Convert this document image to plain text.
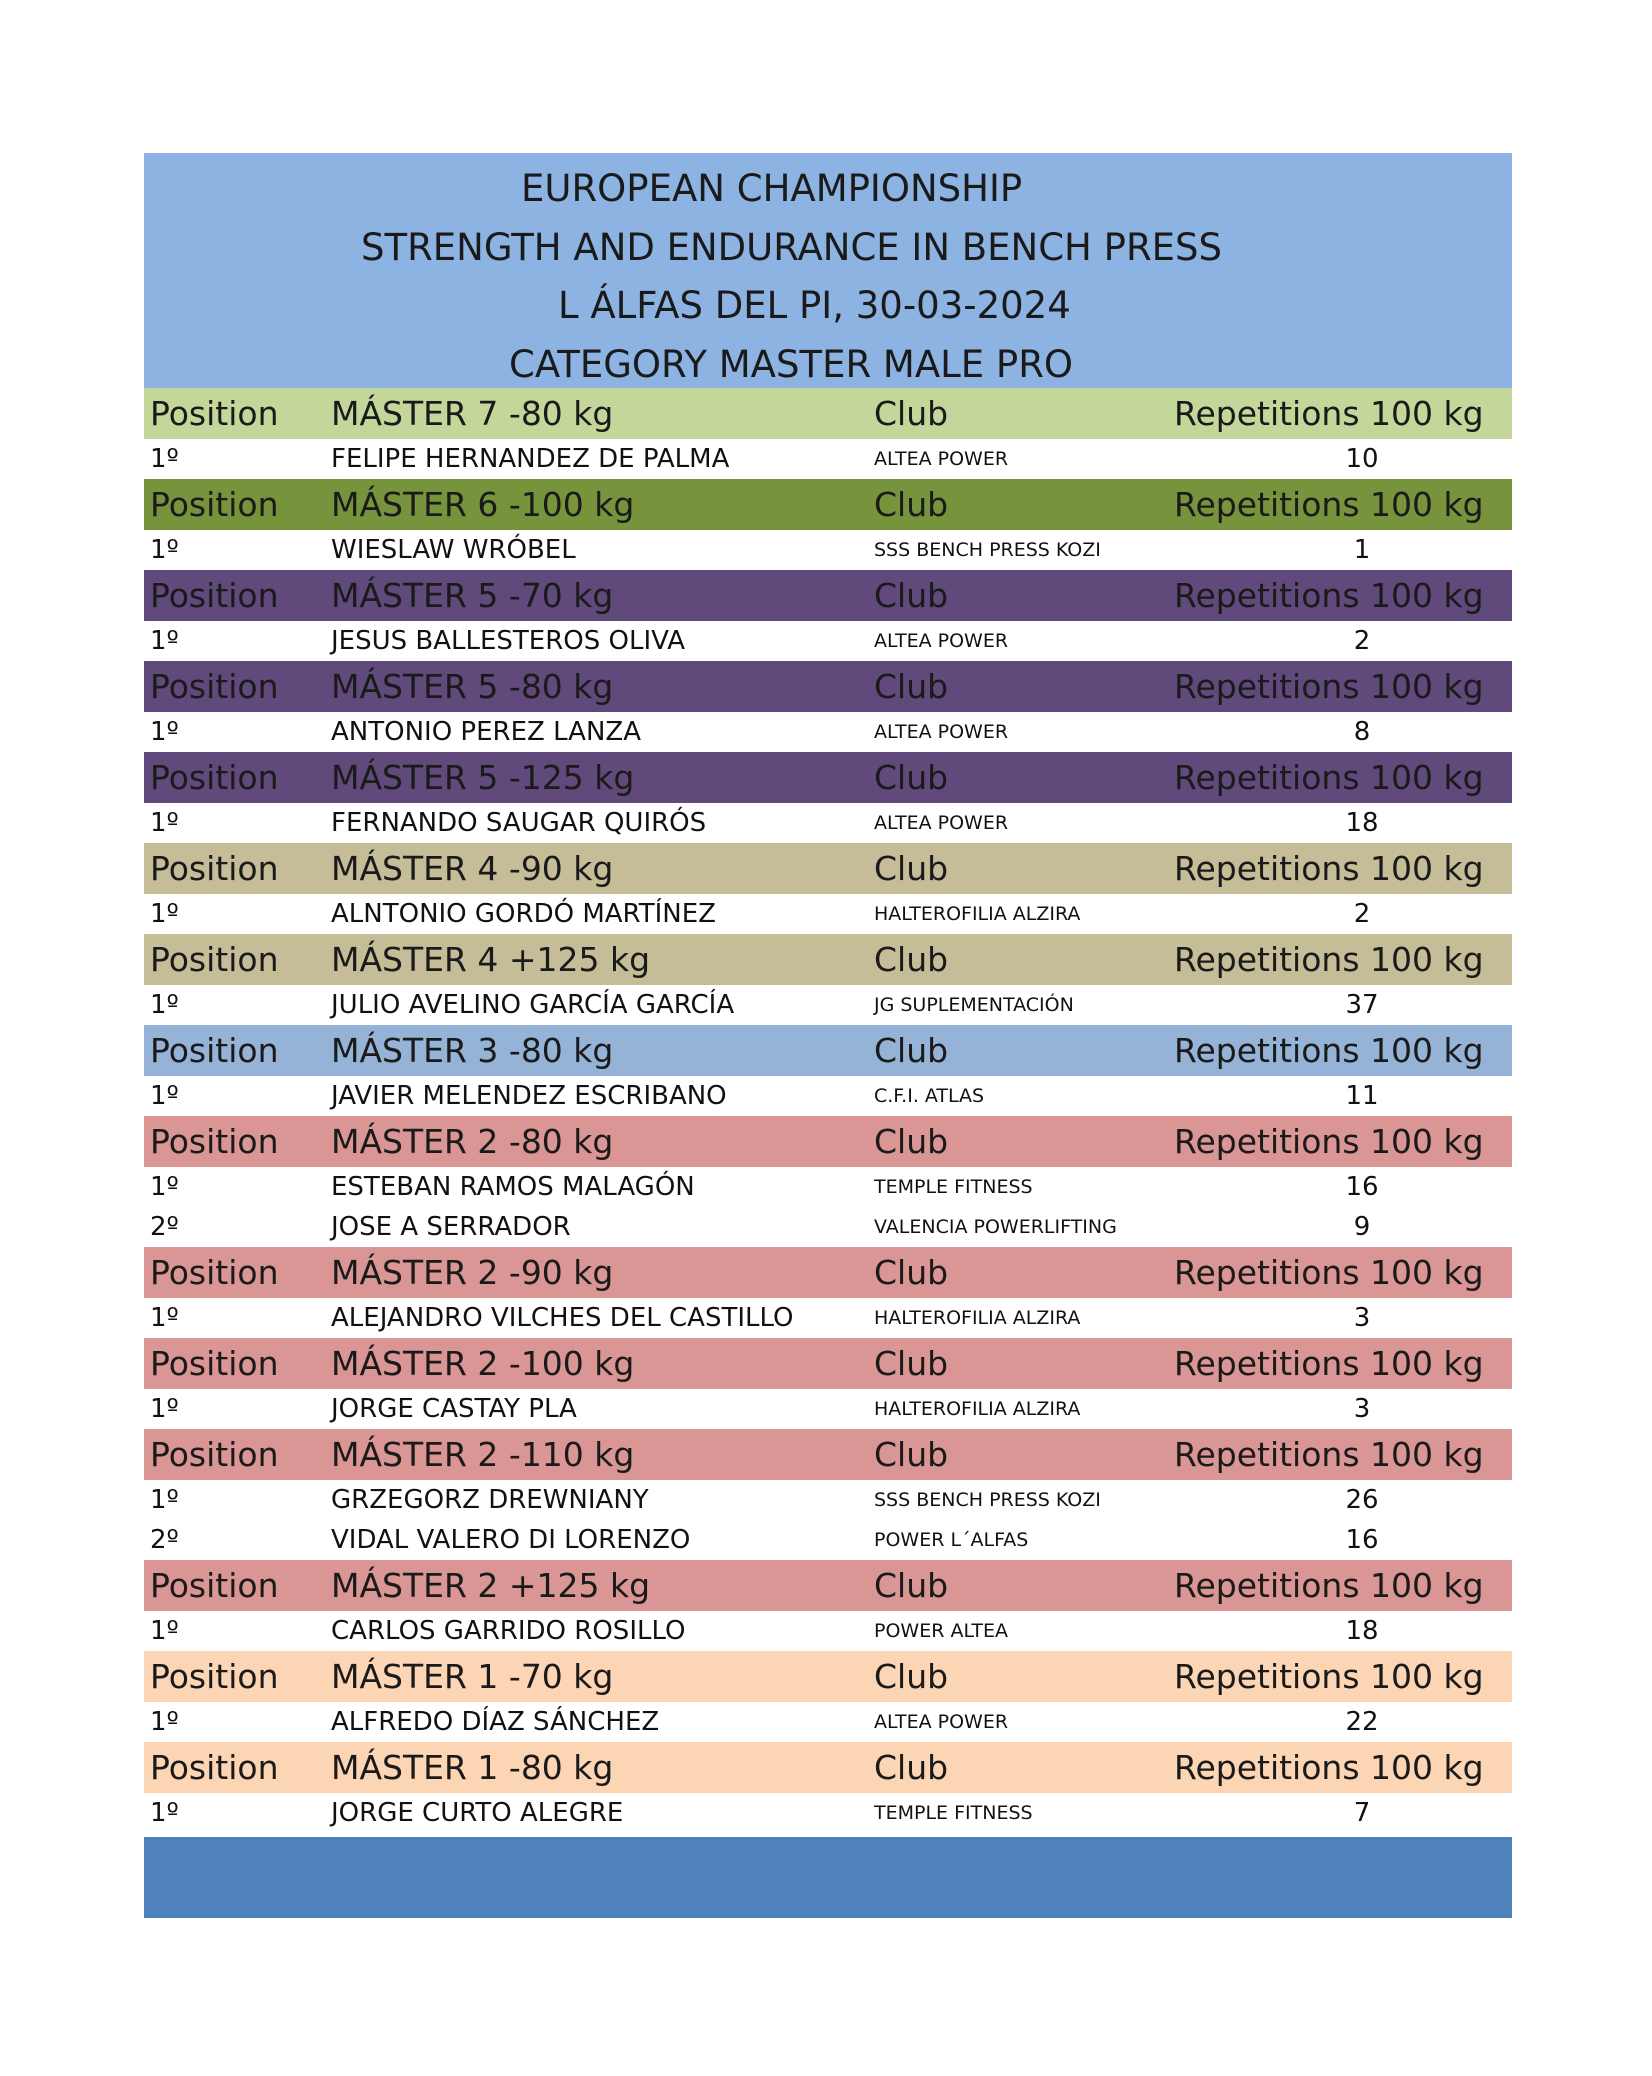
EUROPEAN CHAMPIONSHIP
STRENGTH AND ENDURANCE IN BENCH PRESS
L ÁLFAS DEL PI, 30-03-2024
CATEGORY MASTER MALE PRO
Position MÁSTER 7 -80 kg	Club	Repetitions 100 kg
1º	FELIPE HERNANDEZ DE PALMA	ALTEA POWER	10
Position MÁSTER 6 -100 kg	Club	Repetitions 100 kg
1º	WIESLAW WRÓBEL	SSS BENCH PRESS KOZI	1
Position MÁSTER 5 -70 kg	Club	Repetitions 100 kg
1º	JESUS BALLESTEROS OLIVA	ALTEA POWER	2
Position MÁSTER 5 -80 kg	Club	Repetitions 100 kg
1º	ANTONIO PEREZ LANZA	ALTEA POWER	8
Position MÁSTER 5 -125 kg	Club	Repetitions 100 kg
1º	FERNANDO SAUGAR QUIRÓS	ALTEA POWER	18
Position MÁSTER 4 -90 kg	Club	Repetitions 100 kg
1º	ALNTONIO GORDÓ MARTÍNEZ	HALTEROFILIA ALZIRA	2
Position MÁSTER 4 +125 kg	Club	Repetitions 100 kg
1º	JULIO AVELINO GARCÍA GARCÍA	JG SUPLEMENTACIÓN	37
Position MÁSTER 3 -80 kg	Club	Repetitions 100 kg
1º	JAVIER MELENDEZ ESCRIBANO	C.F.I. ATLAS	11
Position MÁSTER 2 -80 kg	Club	Repetitions 100 kg
1º	ESTEBAN RAMOS MALAGÓN	TEMPLE FITNESS	16
2º	JOSE A SERRADOR	VALENCIA POWERLIFTING	9
Position MÁSTER 2 -90 kg	Club	Repetitions 100 kg
1º	ALEJANDRO VILCHES DEL CASTILLO	HALTEROFILIA ALZIRA	3
Position MÁSTER 2 -100 kg	Club	Repetitions 100 kg
1º	JORGE CASTAY PLA	HALTEROFILIA ALZIRA	3
Position MÁSTER 2 -110 kg	Club	Repetitions 100 kg
1º	GRZEGORZ DREWNIANY	SSS BENCH PRESS KOZI	26
2º	VIDAL VALERO DI LORENZO	POWER L´ALFAS	16
Position MÁSTER 2 +125 kg	Club	Repetitions 100 kg
1º	CARLOS GARRIDO ROSILLO	POWER ALTEA	18
Position MÁSTER 1 -70 kg	Club	Repetitions 100 kg
1º	ALFREDO DÍAZ SÁNCHEZ	ALTEA POWER	22
Position MÁSTER 1 -80 kg	Club	Repetitions 100 kg
1º	JORGE CURTO ALEGRE	TEMPLE FITNESS	7
